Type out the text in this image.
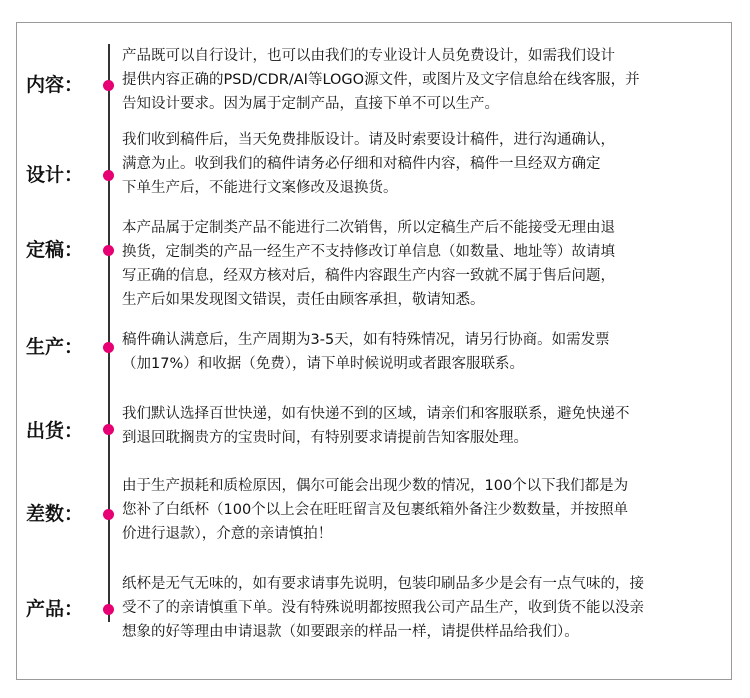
内容：
产品既可以自行设计，也可以由我们的专业设计人员免费设计，如需我们设计
提供内容正确的PSD/CDR/AI等LOGO源文件，或图片及文字信息给在线客服，并
告知设计要求。因为属于定制产品，直接下单不可以生产。
设计：
我们收到稿件后，当天免费排版设计。请及时索要设计稿件，进行沟通确认，
满意为止。收到我们的稿件请务必仔细和对稿件内容，稿件一旦经双方确定
下单生产后，不能进行文案修改及退换货。
定稿：
本产品属于定制类产品不能进行二次销售，所以定稿生产后不能接受无理由退
换货，定制类的产品一经生产不支持修改订单信息（如数量、地址等）故请填
写正确的信息，经双方核对后，稿件内容跟生产内容一致就不属于售后问题，
生产后如果发现图文错误，责任由顾客承担，敬请知悉。
生产：	稿件确认满意后，生产周期为3-5天，如有特殊情况，请另行协商。如需发票
（加17%）和收据（免费），请下单时候说明或者跟客服联系。
出货：
我们默认选择百世快递，如有快递不到的区域，请亲们和客服联系，避免快递不
到退回耽搁贵方的宝贵时间，有特别要求请提前告知客服处理。
差数：
由于生产损耗和质检原因，偶尔可能会出现少数的情况，100个以下我们都是为
您补了白纸杯（100个以上会在旺旺留言及包裹纸箱外备注少数数量，并按照单
价进行退款），介意的亲请慎拍！
产品：
纸杯是无气无味的，如有要求请事先说明，包装印刷品多少是会有一点气味的，接
受不了的亲请慎重下单。没有特殊说明都按照我公司产品生产，收到货不能以没亲
想象的好等理由申请退款（如要跟亲的样品一样，请提供样品给我们）。
